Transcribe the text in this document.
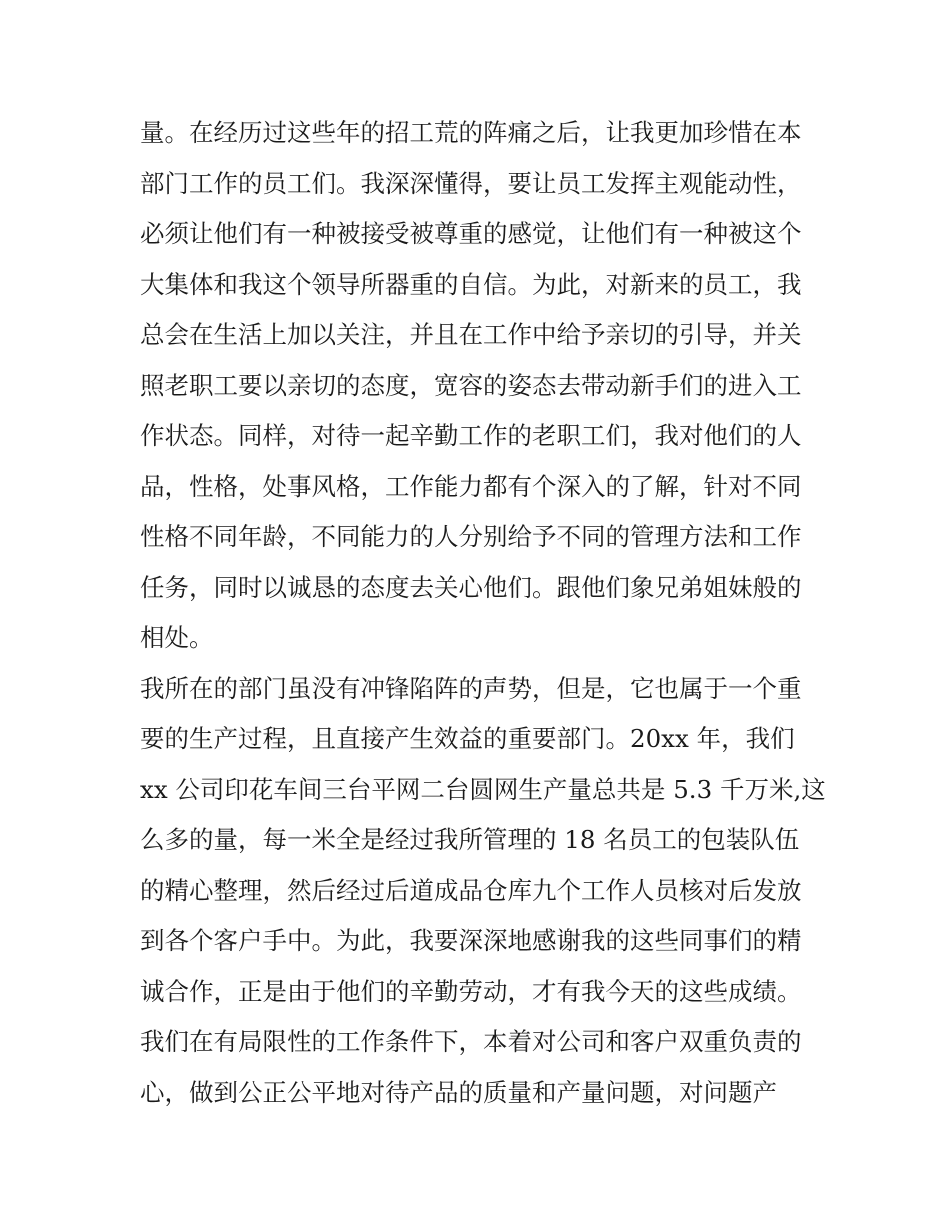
量。在经历过这些年的招工荒的阵痛之后，让我更加珍惜在本
部门工作的员工们。我深深懂得，要让员工发挥主观能动性，
必须让他们有一种被接受被尊重的感觉，让他们有一种被这个
大集体和我这个领导所器重的自信。为此，对新来的员工，我
总会在生活上加以关注，并且在工作中给予亲切的引导，并关
照老职工要以亲切的态度，宽容的姿态去带动新手们的进入工
作状态。同样，对待一起辛勤工作的老职工们，我对他们的人
品，性格，处事风格，工作能力都有个深入的了解，针对不同
性格不同年龄，不同能力的人分别给予不同的管理方法和工作
任务，同时以诚恳的态度去关心他们。跟他们象兄弟姐妹般的
相处。
我所在的部门虽没有冲锋陷阵的声势，但是，它也属于一个重
要的生产过程，且直接产生效益的重要部门。20xx 年，我们
xx 公司印花车间三台平网二台圆网生产量总共是 5.3 千万米,这
么多的量，每一米全是经过我所管理的 18 名员工的包装队伍
的精心整理，然后经过后道成品仓库九个工作人员核对后发放
到各个客户手中。为此，我要深深地感谢我的这些同事们的精
诚合作，正是由于他们的辛勤劳动，才有我今天的这些成绩。
我们在有局限性的工作条件下，本着对公司和客户双重负责的
心，做到公正公平地对待产品的质量和产量问题，对问题产
